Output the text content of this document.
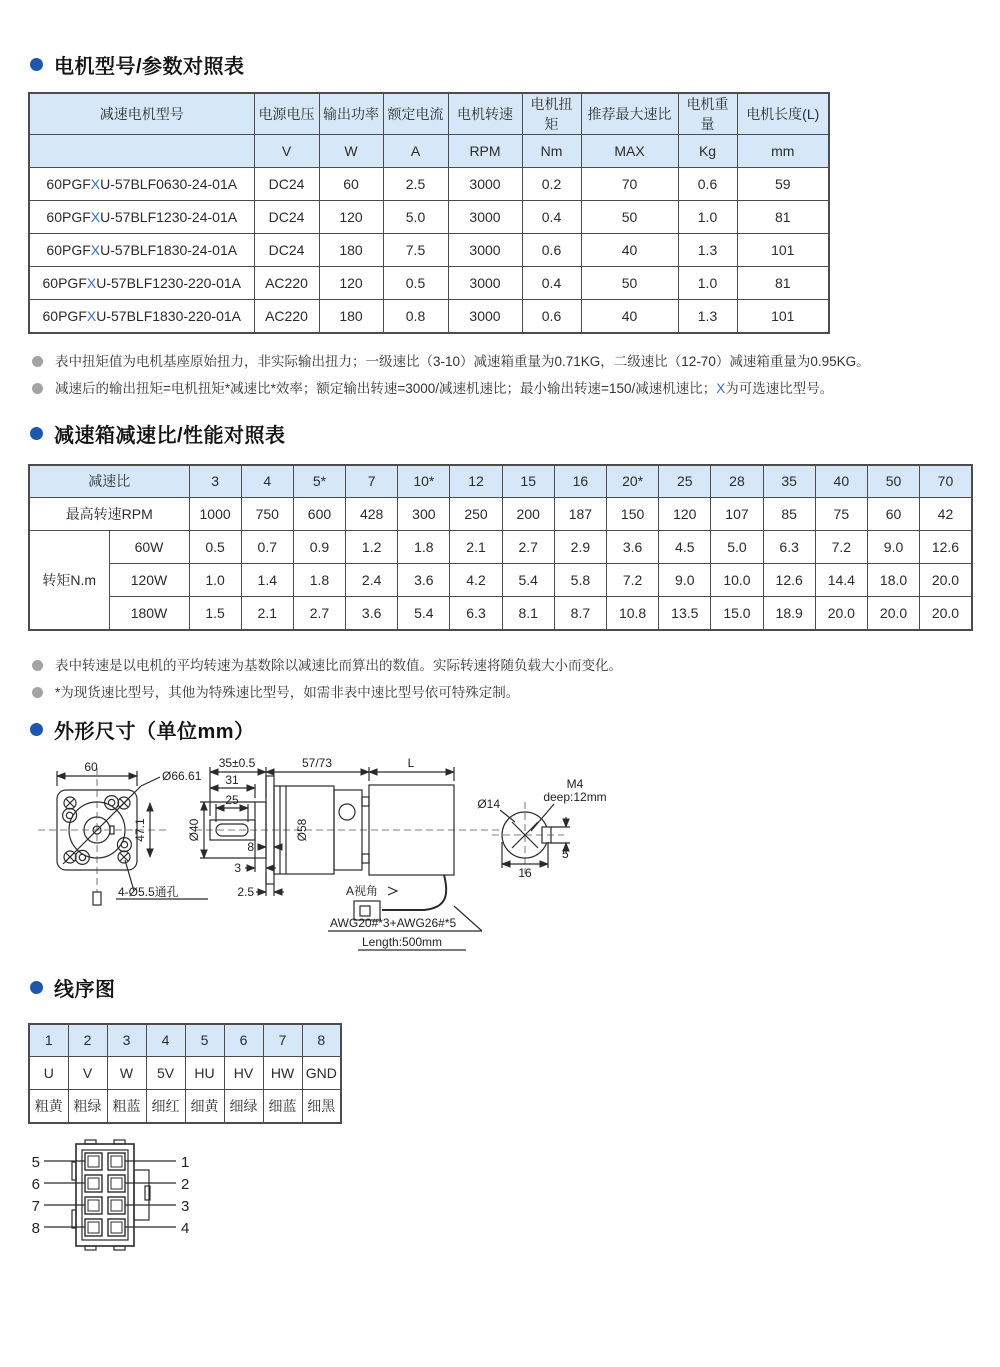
电机型号/参数对照表
减速电机型号	电源电压	输出功率	额定电流	电机转速	电机扭矩	推荐最大速比	电机重量	电机长度(L)
	V	W	A	RPM	Nm	MAX	Kg	mm
60PGFXU-57BLF0630-24-01A	DC24	60	2.5	3000	0.2	70	0.6	59
60PGFXU-57BLF1230-24-01A	DC24	120	5.0	3000	0.4	50	1.0	81
60PGFXU-57BLF1830-24-01A	DC24	180	7.5	3000	0.6	40	1.3	101
60PGFXU-57BLF1230-220-01A	AC220	120	0.5	3000	0.4	50	1.0	81
60PGFXU-57BLF1830-220-01A	AC220	180	0.8	3000	0.6	40	1.3	101
表中扭矩值为电机基座原始扭力，非实际输出扭力；一级速比（3-10）减速箱重量为0.71KG，二级速比（12-70）减速箱重量为0.95KG。
减速后的输出扭矩=电机扭矩*减速比*效率；额定输出转速=3000/减速机速比；最小输出转速=150/减速机速比；X为可选速比型号。
减速箱减速比/性能对照表
减速比		3	4	5*	7	10*	12	15	16	20*	25	28	35	40	50	70
最高转速RPM		1000	750	600	428	300	250	200	187	150	120	107	85	75	60	42
转矩N.m	60W	0.5	0.7	0.9	1.2	1.8	2.1	2.7	2.9	3.6	4.5	5.0	6.3	7.2	9.0	12.6
	120W	1.0	1.4	1.8	2.4	3.6	4.2	5.4	5.8	7.2	9.0	10.0	12.6	14.4	18.0	20.0
	180W	1.5	2.1	2.7	3.6	5.4	6.3	8.1	8.7	10.8	13.5	15.0	18.9	20.0	20.0	20.0
表中转速是以电机的平均转速为基数除以减速比而算出的数值。实际转速将随负载大小而变化。
*为现货速比型号，其他为特殊速比型号，如需非表中速比型号依可特殊定制。
外形尺寸（单位mm）
60
Ø66.61
47.1
4-Ø5.5通孔
35±0.5	57/73	L
31
25
Ø40	Ø58
8
3
2.5	A视角
AWG20#*3+AWG26#*5
Length:500mm
Ø14
M4
deep:12mm
16
5
线序图
1	2	3	4	5	6	7	8
U	V	W	5V	HU	HV	HW	GND
粗黄	粗绿	粗蓝	细红	细黄	细绿	细蓝	细黑
5
6
7
8
1
2
3
4
